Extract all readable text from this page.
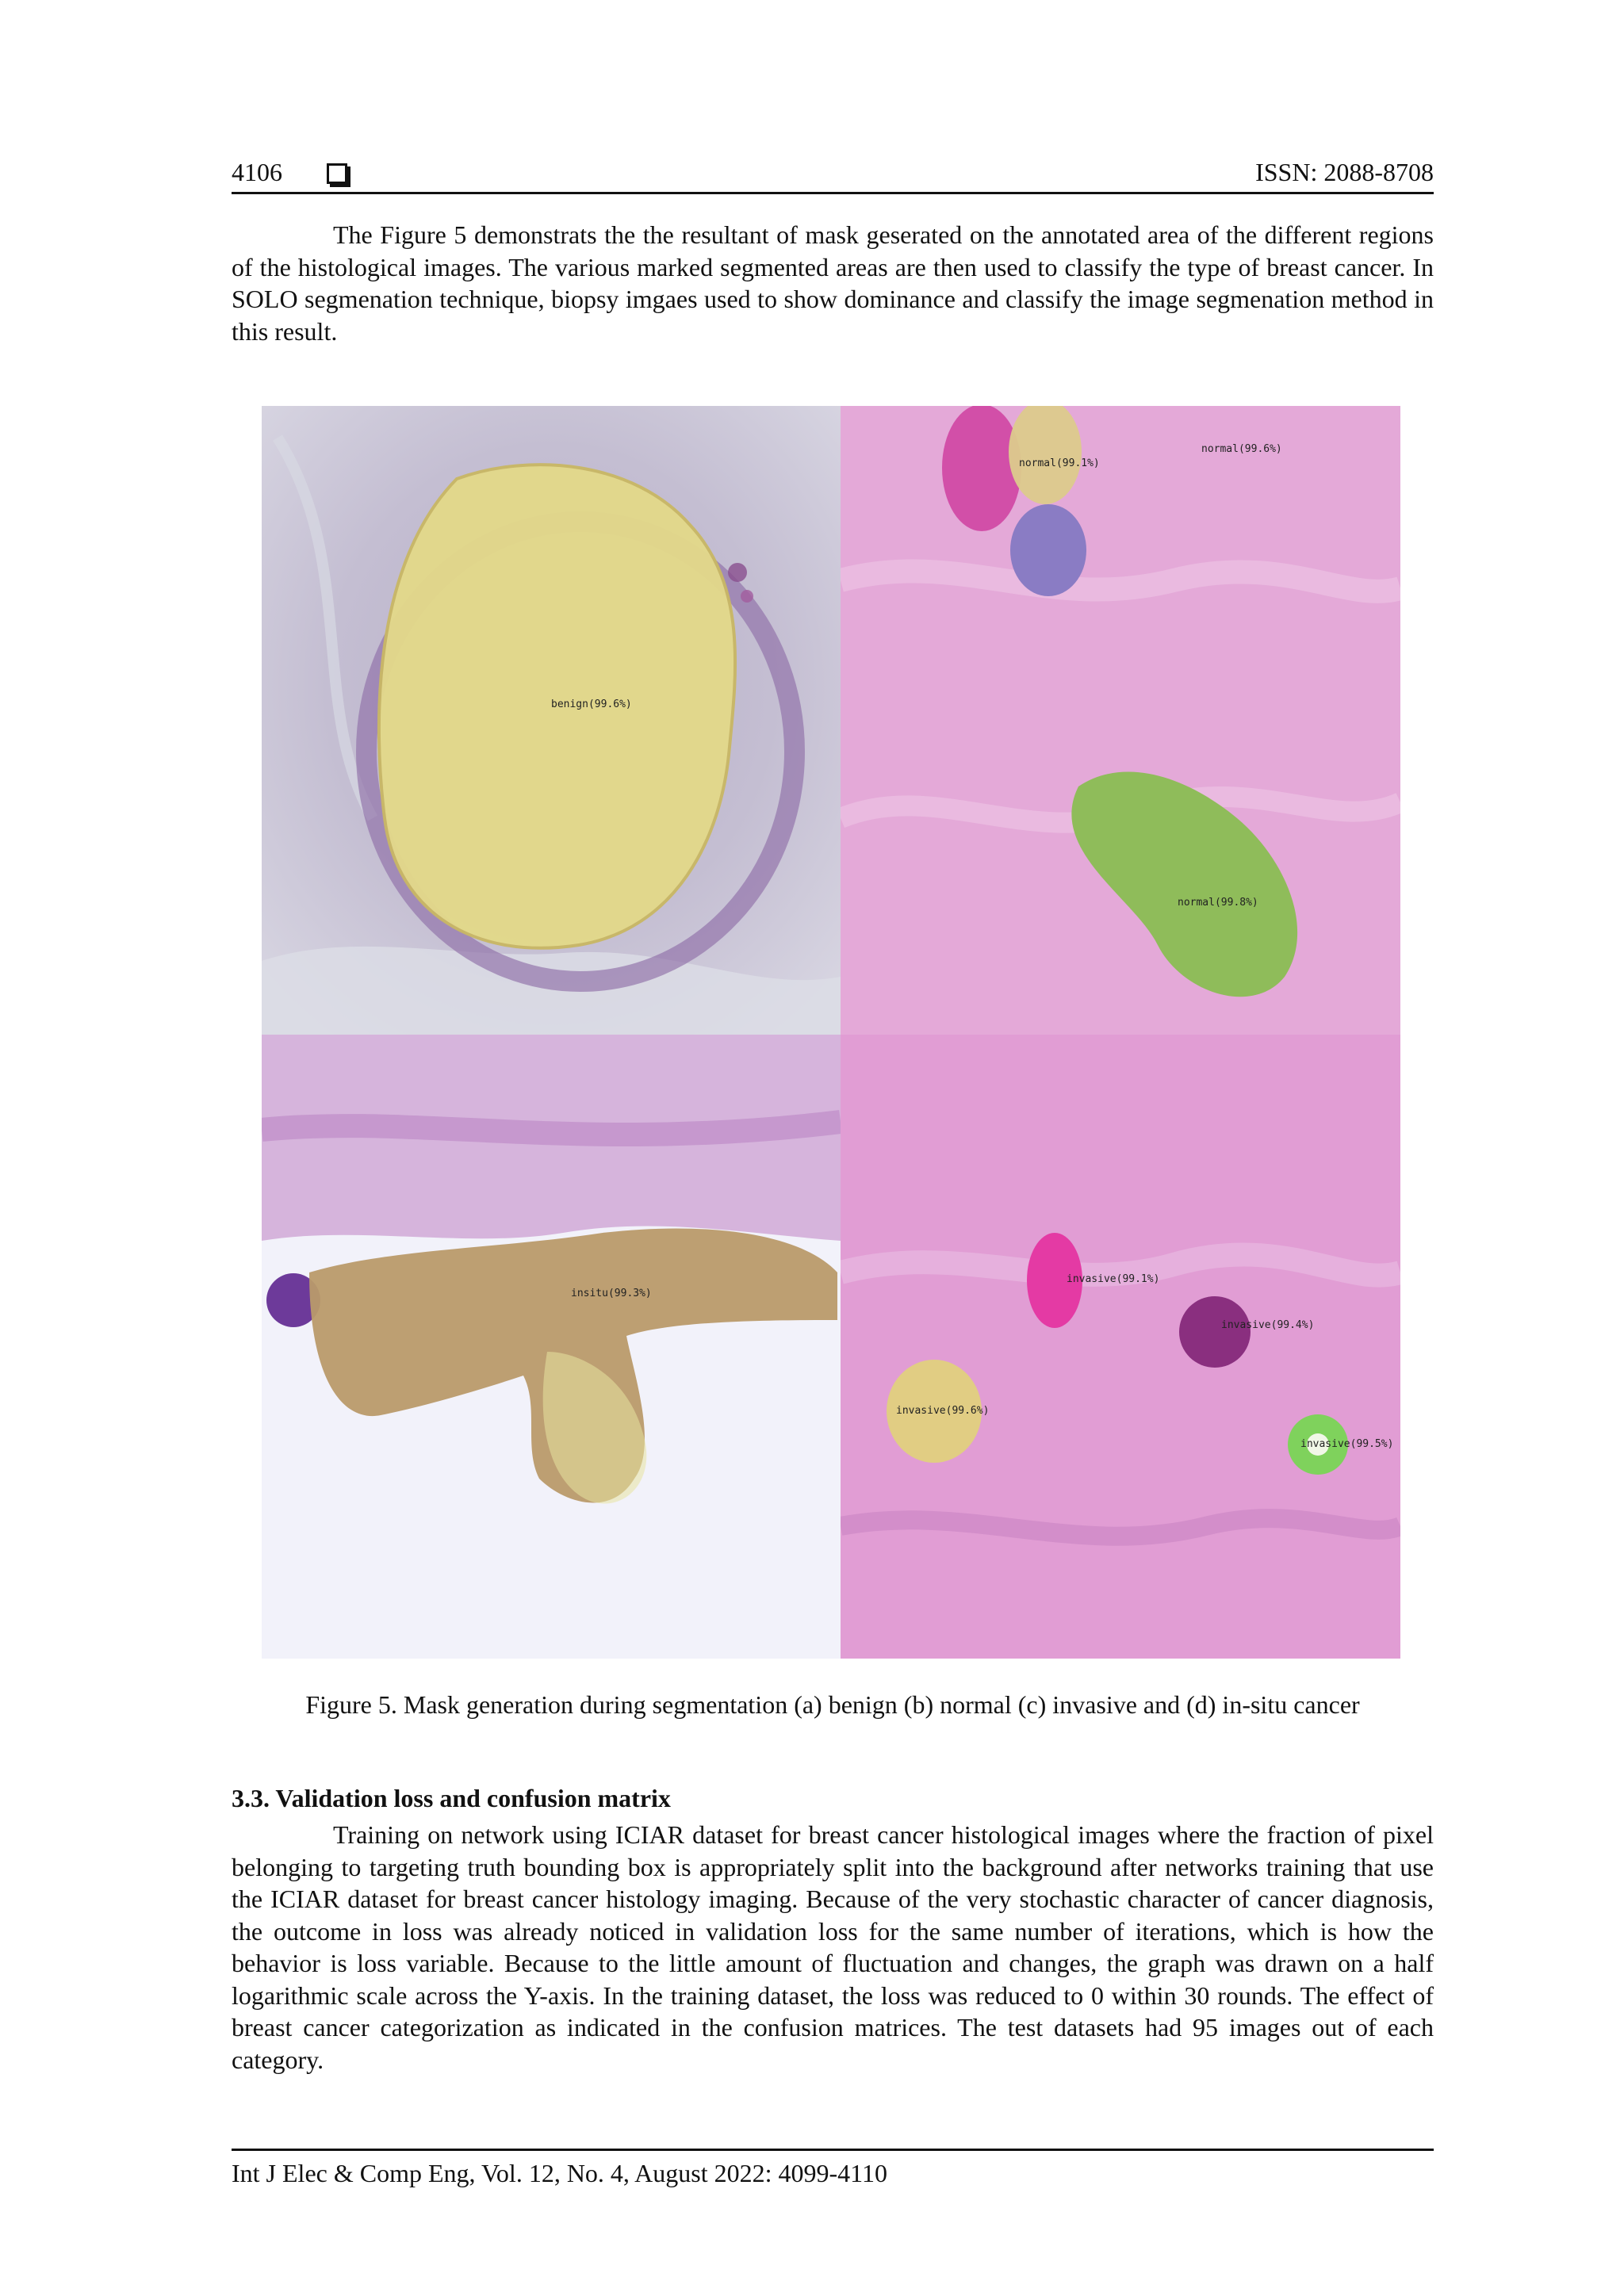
4106	ISSN: 2088-8708

The Figure 5 demonstrats the the resultant of mask geserated on the annotated area of the different regions of the histological images. The various marked segmented areas are then used to classify the type of breast cancer. In SOLO segmenation technique, biopsy imgaes used to show dominance and classify the image segmenation method in this result.

benign(99.6%)
normal(99.1%)
normal(99.6%)
normal(99.8%)
insitu(99.3%)
invasive(99.1%)
invasive(99.4%)
invasive(99.6%)
invasive(99.5%)
Figure 5. Mask generation during segmentation (a) benign (b) normal (c) invasive and (d) in-situ cancer
3.3. Validation loss and confusion matrix

Training on network using ICIAR dataset for breast cancer histological images where the fraction of pixel belonging to targeting truth bounding box is appropriately split into the background after networks training that use the ICIAR dataset for breast cancer histology imaging. Because of the very stochastic character of cancer diagnosis, the outcome in loss was already noticed in validation loss for the same number of iterations, which is how the behavior is loss variable. Because to the little amount of fluctuation and changes, the graph was drawn on a half logarithmic scale across the Y-axis. In the training dataset, the loss was reduced to 0 within 30 rounds. The effect of breast cancer categorization as indicated in the confusion matrices. The test datasets had 95 images out of each category.

Int J Elec & Comp Eng, Vol. 12, No. 4, August 2022: 4099-4110
